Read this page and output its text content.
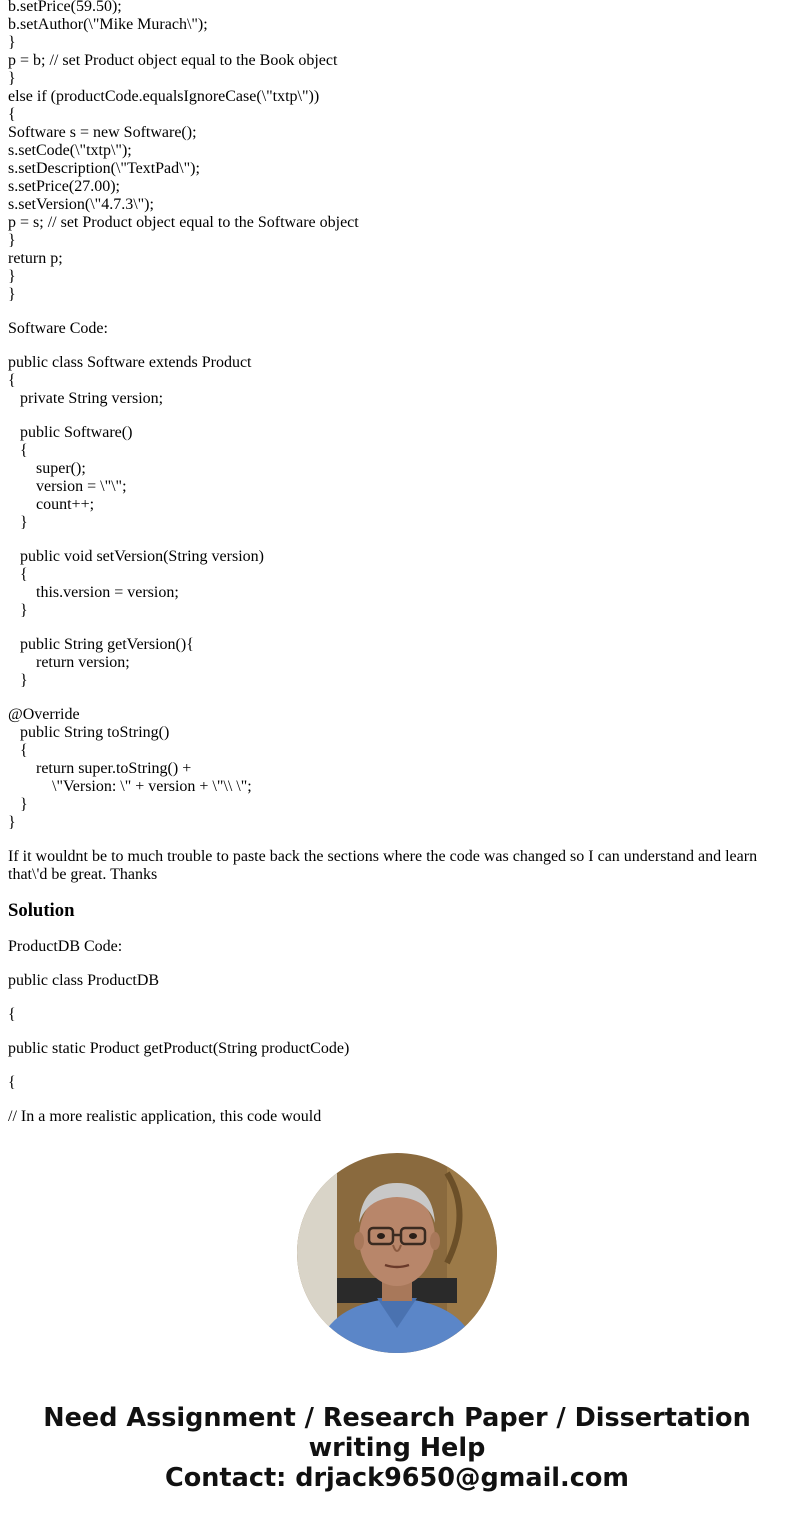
b.setPrice(59.50);
b.setAuthor(\"Mike Murach\");
}
p = b; // set Product object equal to the Book object
}
else if (productCode.equalsIgnoreCase(\"txtp\"))
{
Software s = new Software();
s.setCode(\"txtp\");
s.setDescription(\"TextPad\");
s.setPrice(27.00);
s.setVersion(\"4.7.3\");
p = s; // set Product object equal to the Software object
}
return p;
}
}
Software Code:
public class Software extends Product
{
private String version;
public Software()
{
super();
version = \"\";
count++;
}
public void setVersion(String version)
{
this.version = version;
}
public String getVersion(){
return version;
}
@Override
public String toString()
{
return super.toString() +
\"Version: \" + version + \"\\ \";
}
}

If it wouldnt be to much trouble to paste back the sections where the code was changed so I can understand and learn that\'d be great. Thanks

Solution
ProductDB Code:
public class ProductDB
{
public static Product getProduct(String productCode)
{
// In a more realistic application, this code would
Need Assignment / Research Paper / Dissertation
writing Help
Contact: drjack9650@gmail.com
